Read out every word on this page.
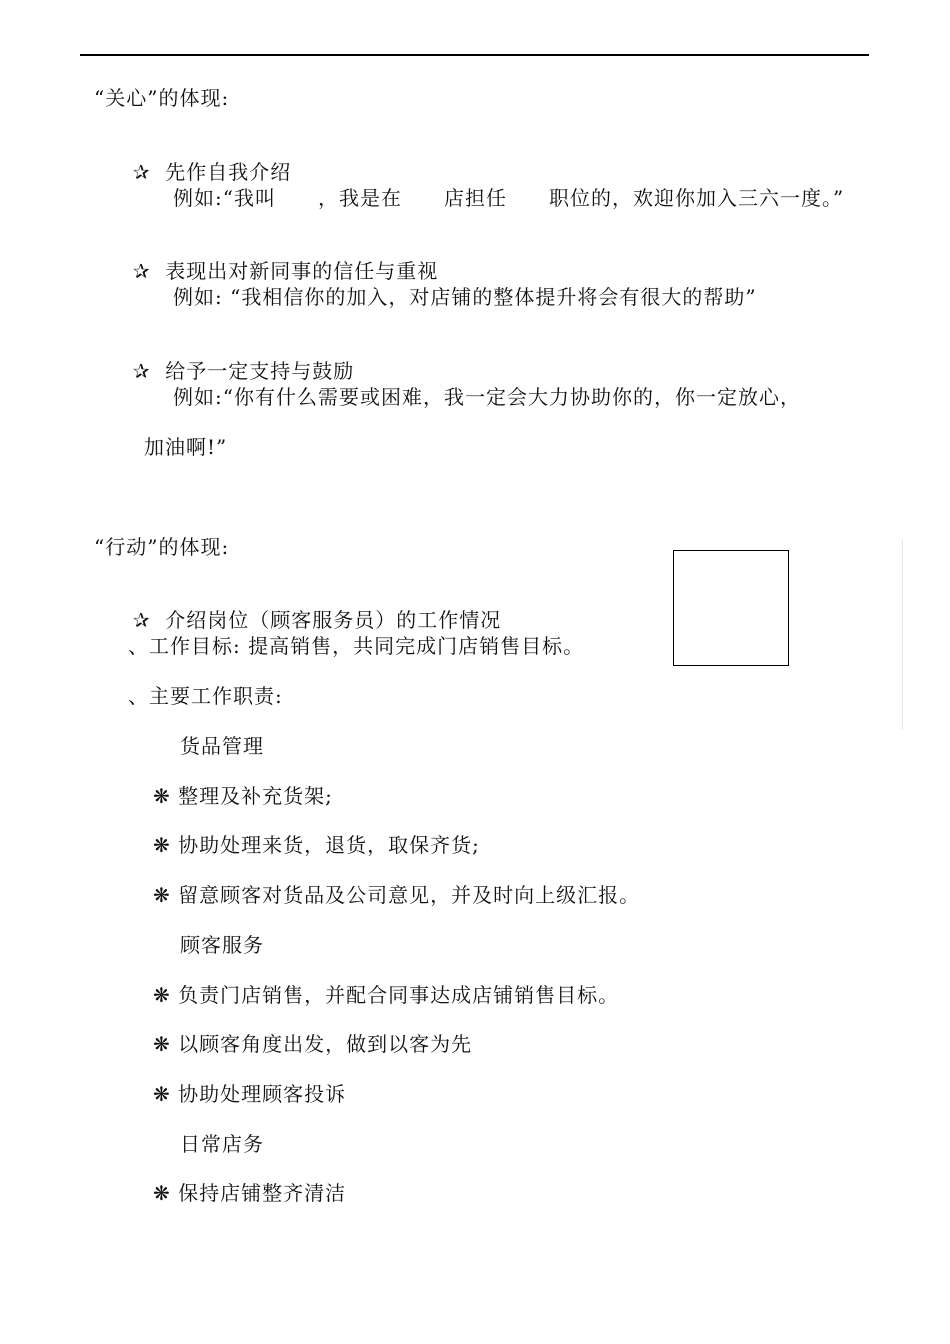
“关心”的体现:

✰ 先作自我介绍

例如:“我叫　　，我是在　　店担任　　职位的，欢迎你加入三六一度。”

✰ 表现出对新同事的信任与重视

例如: “我相信你的加入，对店铺的整体提升将会有很大的帮助”

✰ 给予一定支持与鼓励

例如:“你有什么需要或困难，我一定会大力协助你的，你一定放心，
加油啊!”
“行动”的体现:

✰ 介绍岗位（顾客服务员）的工作情况

、工作目标: 提高销售，共同完成门店销售目标。
、主要工作职责:
货品管理
❋ 整理及补充货架;
❋ 协助处理来货，退货，取保齐货;
❋ 留意顾客对货品及公司意见，并及时向上级汇报。
顾客服务
❋ 负责门店销售，并配合同事达成店铺销售目标。
❋ 以顾客角度出发，做到以客为先
❋ 协助处理顾客投诉
日常店务
❋ 保持店铺整齐清洁
